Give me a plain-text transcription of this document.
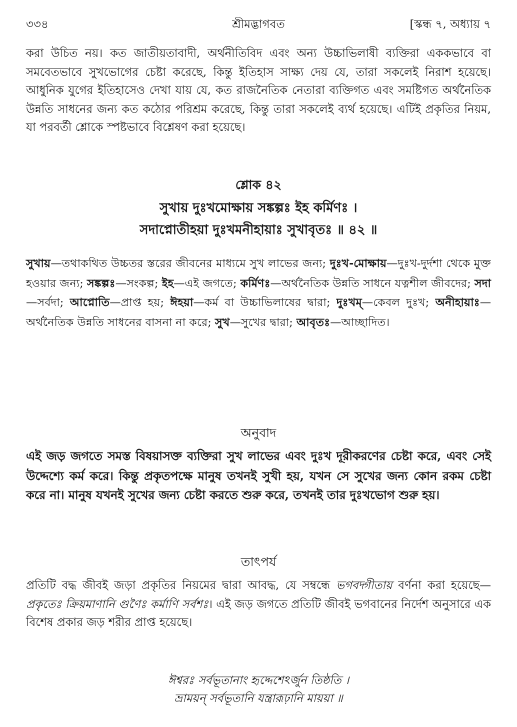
৩৩৪	শ্রীমদ্ভাগবত	[স্কন্ধ ৭, অধ্যায় ৭

করা উচিত নয়। কত জাতীয়তাবাদী, অর্থনীতিবিদ এবং অন্য উচ্চাভিলাষী ব্যক্তিরা এককভাবে বা সমবেতভাবে সুখভোগের চেষ্টা করেছে, কিন্তু ইতিহাস সাক্ষ্য দেয় যে, তারা সকলেই নিরাশ হয়েছে। আধুনিক যুগের ইতিহাসেও দেখা যায় যে, কত রাজনৈতিক নেতারা ব্যক্তিগত এবং সমষ্টিগত অর্থনৈতিক উন্নতি সাধনের জন্য কত কঠোর পরিশ্রম করেছে, কিন্তু তারা সকলেই ব্যর্থ হয়েছে। এটিই প্রকৃতির নিয়ম, যা পরবর্তী শ্লোকে স্পষ্টভাবে বিশ্লেষণ করা হয়েছে।

শ্লোক ৪২

সুখায় দুঃখমোক্ষায় সঙ্কল্পঃ ইহ কর্মিণঃ ।

সদাপ্নোতীহয়া দুঃখমনীহায়াঃ সুখাবৃতঃ ॥ ৪২ ॥

সুখায়—তথাকথিত উচ্চতর স্তরের জীবনের মাধ্যমে সুখ লাভের জন্য; দুঃখ-মোক্ষায়—দুঃখ-দুর্দশা থেকে মুক্ত হওয়ার জন্য; সঙ্কল্পঃ—সংকল্প; ইহ—এই জগতে; কর্মিণঃ—অর্থনৈতিক উন্নতি সাধনে যত্নশীল জীবদের; সদা—সর্বদা; আপ্নোতি—প্রাপ্ত হয়; ঈহয়া—কর্ম বা উচ্চাভিলাষের দ্বারা; দুঃখম্—কেবল দুঃখ; অনীহায়াঃ—অর্থনৈতিক উন্নতি সাধনের বাসনা না করে; সুখ—সুখের দ্বারা; আবৃতঃ—আচ্ছাদিত।

অনুবাদ

এই জড় জগতে সমস্ত বিষয়াসক্ত ব্যক্তিরা সুখ লাভের এবং দুঃখ দূরীকরণের চেষ্টা করে, এবং সেই উদ্দেশ্যে কর্ম করে। কিন্তু প্রকৃতপক্ষে মানুষ তখনই সুখী হয়, যখন সে সুখের জন্য কোন রকম চেষ্টা করে না। মানুষ যখনই সুখের জন্য চেষ্টা করতে শুরু করে, তখনই তার দুঃখভোগ শুরু হয়।

তাৎপর্য

প্রতিটি বদ্ধ জীবই জড়া প্রকৃতির নিয়মের দ্বারা আবদ্ধ, যে সম্বন্ধে ভগবদ্গীতায় বর্ণনা করা হয়েছে—প্রকৃতেঃ ক্রিয়মাণানি গুণৈঃ কর্মাণি সর্বশঃ। এই জড় জগতে প্রতিটি জীবই ভগবানের নির্দেশ অনুসারে এক বিশেষ প্রকার জড় শরীর প্রাপ্ত হয়েছে।

ঈশ্বরঃ সর্বভূতানাং হৃদ্দেশেঽর্জুন তিষ্ঠতি ।

ভ্রাময়ন্ সর্বভূতানি যন্ত্রারূঢ়ানি মায়য়া ॥
